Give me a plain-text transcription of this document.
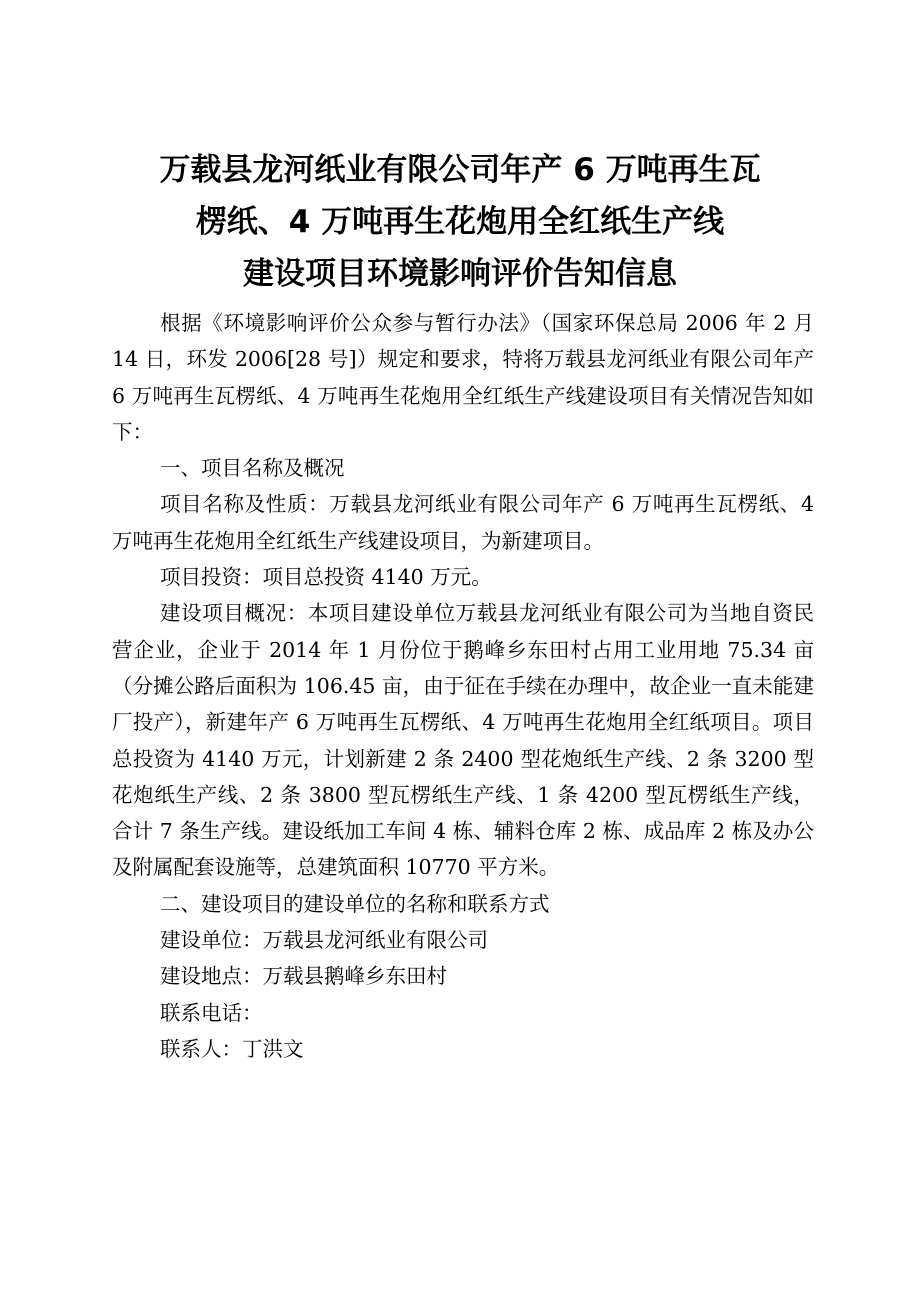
万载县龙河纸业有限公司年产 6 万吨再生瓦
楞纸、4 万吨再生花炮用全红纸生产线
建设项目环境影响评价告知信息

根据《环境影响评价公众参与暂行办法》（国家环保总局 2006 年 2 月 14 日，环发 2006[28 号]）规定和要求，特将万载县龙河纸业有限公司年产 6 万吨再生瓦楞纸、4 万吨再生花炮用全红纸生产线建设项目有关情况告知如下：

一、项目名称及概况

项目名称及性质：万载县龙河纸业有限公司年产 6 万吨再生瓦楞纸、4 万吨再生花炮用全红纸生产线建设项目，为新建项目。

项目投资：项目总投资 4140 万元。

建设项目概况：本项目建设单位万载县龙河纸业有限公司为当地自资民营企业，企业于 2014 年 1 月份位于鹅峰乡东田村占用工业用地 75.34 亩（分摊公路后面积为 106.45 亩，由于征在手续在办理中，故企业一直未能建厂投产），新建年产 6 万吨再生瓦楞纸、4 万吨再生花炮用全红纸项目。项目总投资为 4140 万元，计划新建 2 条 2400 型花炮纸生产线、2 条 3200 型花炮纸生产线、2 条 3800 型瓦楞纸生产线、1 条 4200 型瓦楞纸生产线，合计 7 条生产线。建设纸加工车间 4 栋、辅料仓库 2 栋、成品库 2 栋及办公及附属配套设施等，总建筑面积 10770 平方米。

二、建设项目的建设单位的名称和联系方式

建设单位：万载县龙河纸业有限公司

建设地点：万载县鹅峰乡东田村

联系电话：

联系人：丁洪文
